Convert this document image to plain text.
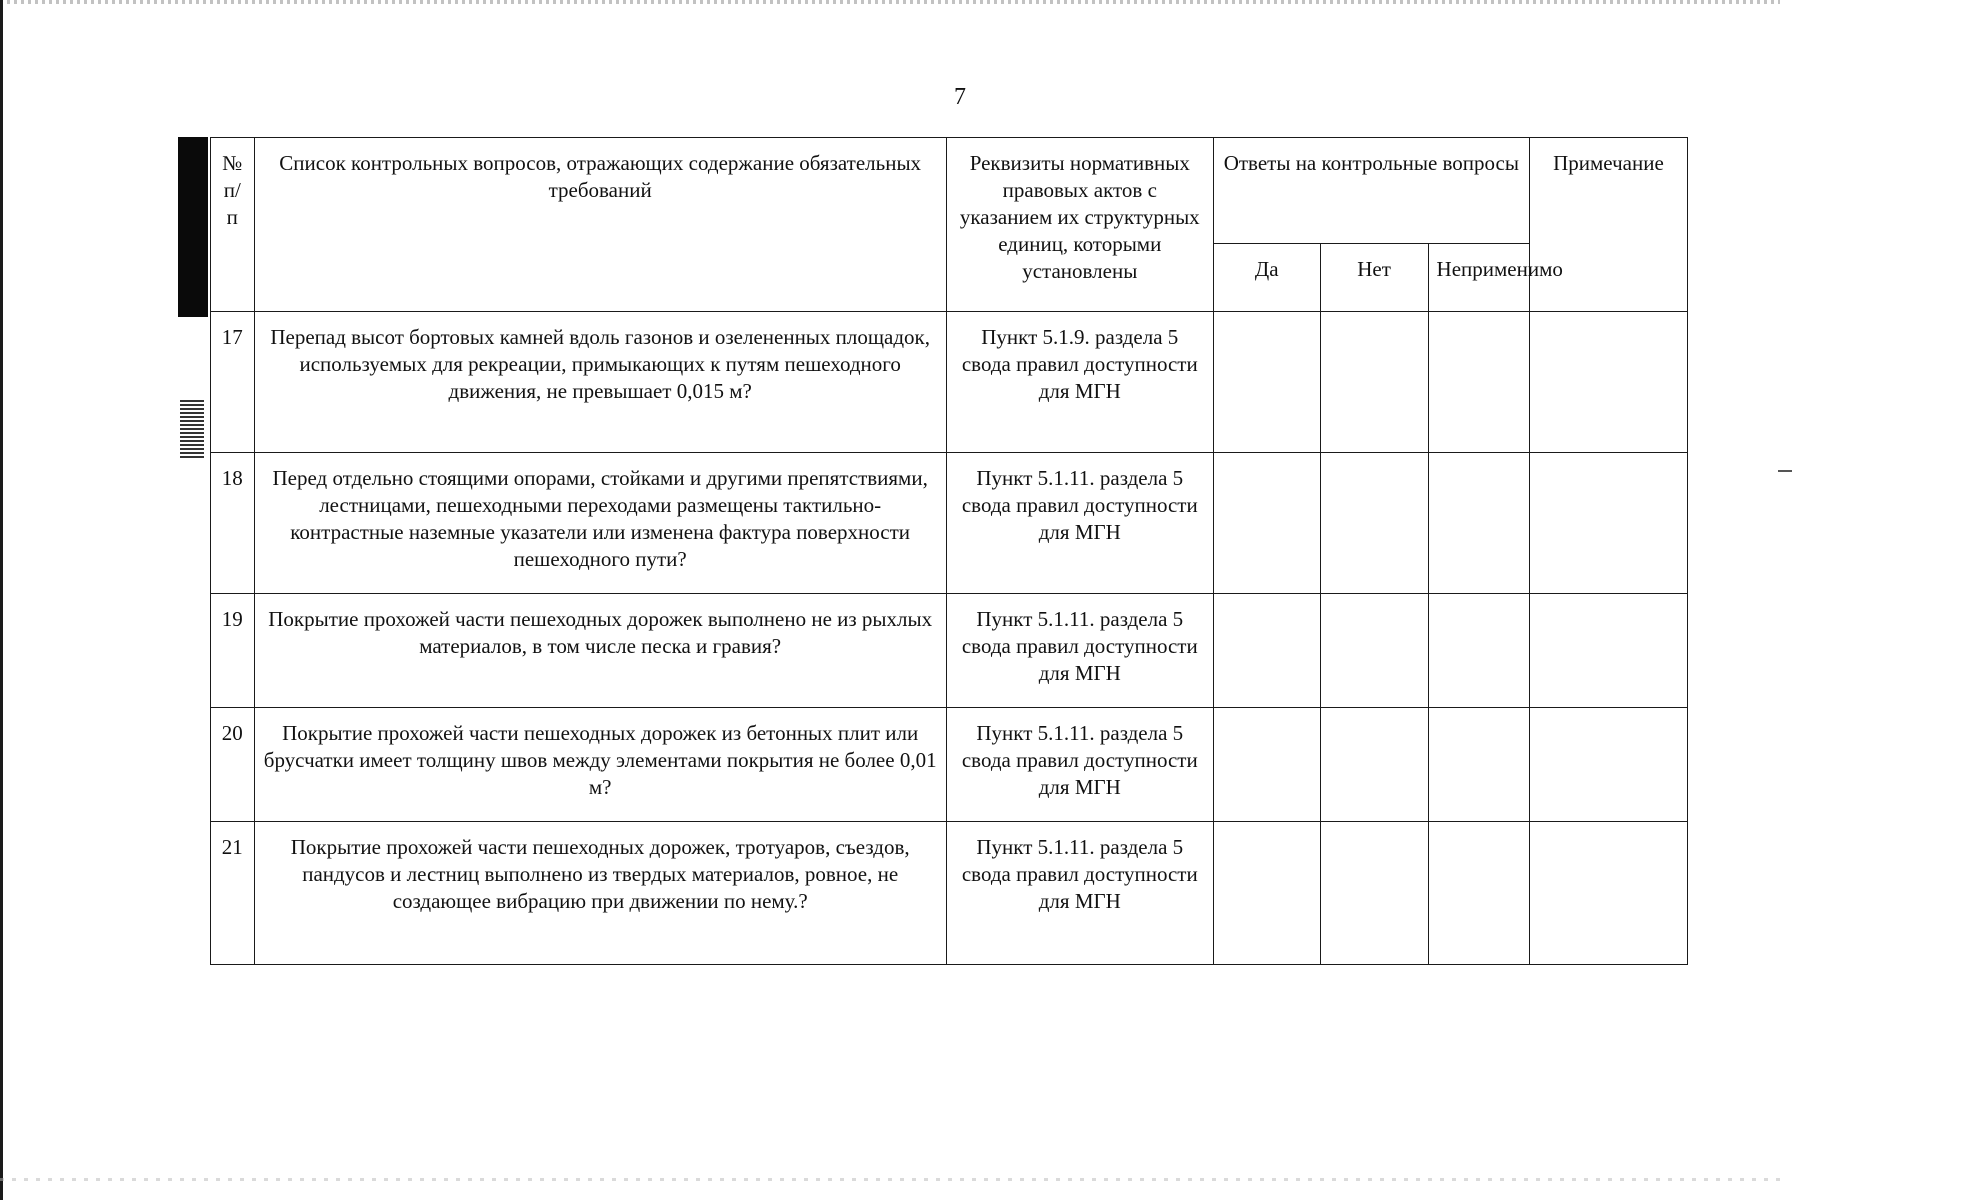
7
№ п/п	Список контрольных вопросов, отражающих содержание обязательных требований	Реквизиты нормативных правовых актов с указанием их структурных единиц, которыми установлены	Ответы на контрольные вопросы			Примечание
			Да	Нет	Неприменимо	
17	Перепад высот бортовых камней вдоль газонов и озелененных площадок, используемых для рекреации, примыкающих к путям пешеходного движения, не превышает 0,015 м?	Пункт 5.1.9. раздела 5 свода правил доступности для МГН				
18	Перед отдельно стоящими опорами, стойками и другими препятствиями, лестницами, пешеходными переходами размещены тактильно-контрастные наземные указатели или изменена фактура поверхности пешеходного пути?	Пункт 5.1.11. раздела 5 свода правил доступности для МГН				
19	Покрытие прохожей части пешеходных дорожек выполнено не из рыхлых материалов, в том числе песка и гравия?	Пункт 5.1.11. раздела 5 свода правил доступности для МГН				
20	Покрытие прохожей части пешеходных дорожек из бетонных плит или брусчатки имеет толщину швов между элементами покрытия не более 0,01 м?	Пункт 5.1.11. раздела 5 свода правил доступности для МГН				
21	Покрытие прохожей части пешеходных дорожек, тротуаров, съездов, пандусов и лестниц выполнено из твердых материалов, ровное, не создающее вибрацию при движении по нему.?	Пункт 5.1.11. раздела 5 свода правил доступности для МГН				
